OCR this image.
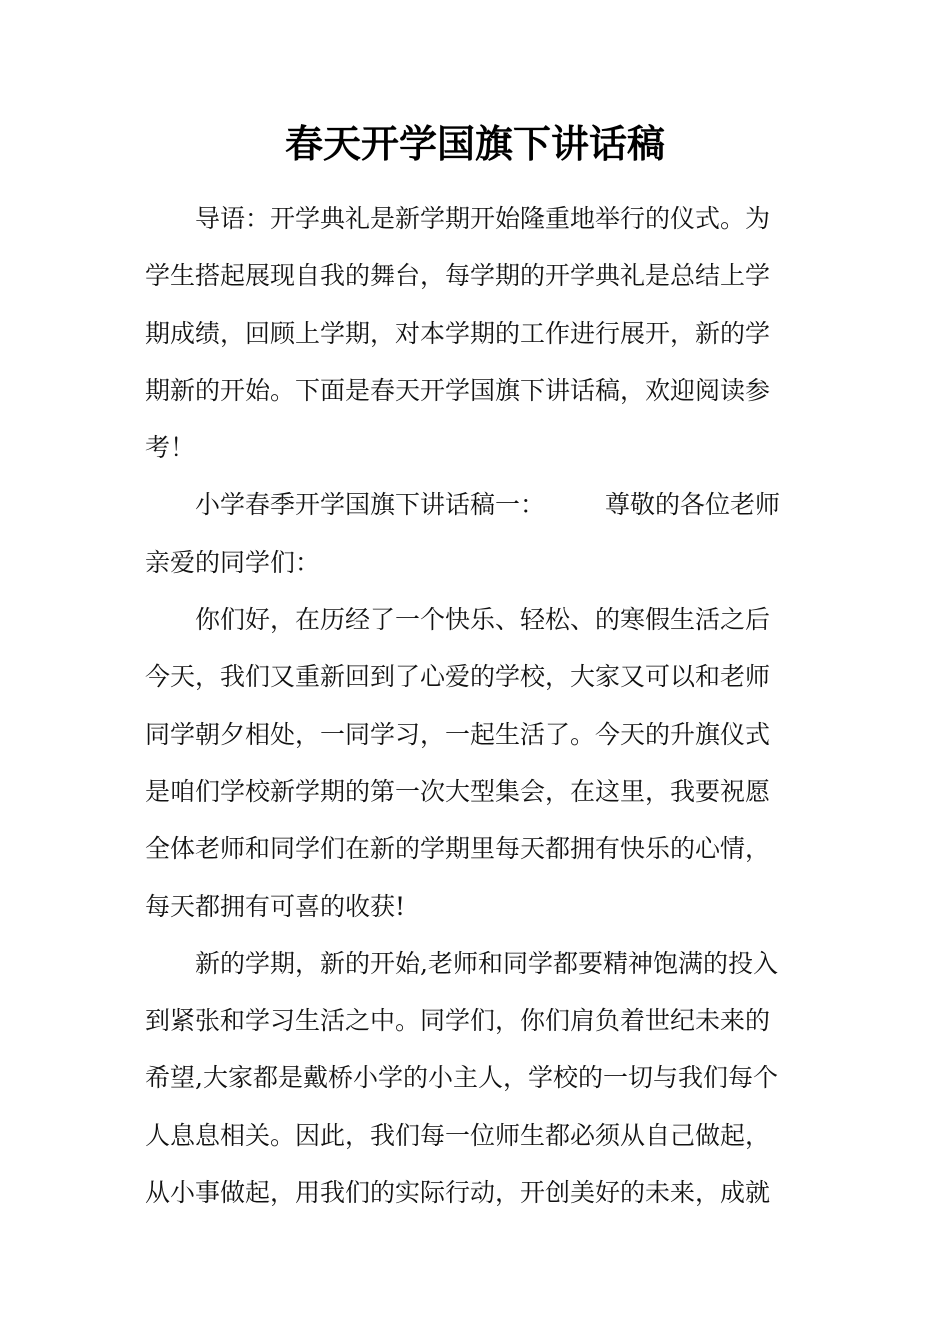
春天开学国旗下讲话稿

　　导语：开学典礼是新学期开始隆重地举行的仪式。为
学生搭起展现自我的舞台，每学期的开学典礼是总结上学
期成绩，回顾上学期，对本学期的工作进行展开，新的学
期新的开始。下面是春天开学国旗下讲话稿，欢迎阅读参
考！

　　小学春季开学国旗下讲话稿一： 尊敬的各位老师
亲爱的同学们：

　　你们好，在历经了一个快乐、轻松、的寒假生活之后
今天，我们又重新回到了心爱的学校，大家又可以和老师
同学朝夕相处，一同学习，一起生活了。今天的升旗仪式
是咱们学校新学期的第一次大型集会，在这里，我要祝愿
全体老师和同学们在新的学期里每天都拥有快乐的心情，
每天都拥有可喜的收获!

　　新的学期，新的开始,老师和同学都要精神饱满的投入
到紧张和学习生活之中。同学们，你们肩负着世纪未来的
希望,大家都是戴桥小学的小主人，学校的一切与我们每个
人息息相关。因此，我们每一位师生都必须从自己做起，
从小事做起，用我们的实际行动，开创美好的未来，成就
